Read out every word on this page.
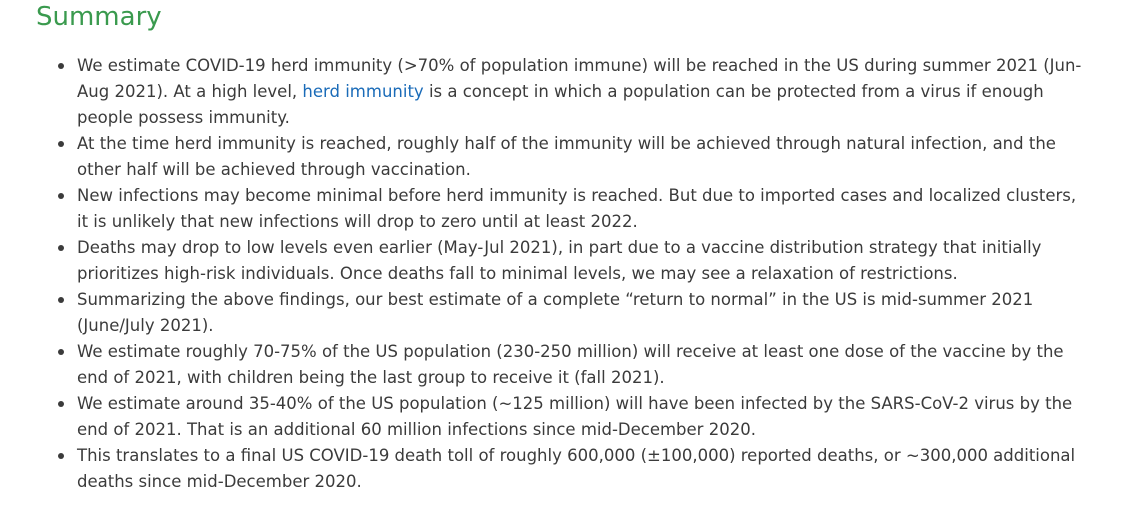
Summary
We estimate COVID-19 herd immunity (>70% of population immune) will be reached in the US during summer 2021 (Jun-Aug 2021). At a high level, herd immunity is a concept in which a population can be protected from a virus if enough people possess immunity.
At the time herd immunity is reached, roughly half of the immunity will be achieved through natural infection, and the other half will be achieved through vaccination.
New infections may become minimal before herd immunity is reached. But due to imported cases and localized clusters, it is unlikely that new infections will drop to zero until at least 2022.
Deaths may drop to low levels even earlier (May-Jul 2021), in part due to a vaccine distribution strategy that initially prioritizes high-risk individuals. Once deaths fall to minimal levels, we may see a relaxation of restrictions.
Summarizing the above findings, our best estimate of a complete “return to normal” in the US is mid-summer 2021 (June/July 2021).
We estimate roughly 70-75% of the US population (230-250 million) will receive at least one dose of the vaccine by the end of 2021, with children being the last group to receive it (fall 2021).
We estimate around 35-40% of the US population (~125 million) will have been infected by the SARS-CoV-2 virus by the end of 2021. That is an additional 60 million infections since mid-December 2020.
This translates to a final US COVID-19 death toll of roughly 600,000 (±100,000) reported deaths, or ~300,000 additional deaths since mid-December 2020.
